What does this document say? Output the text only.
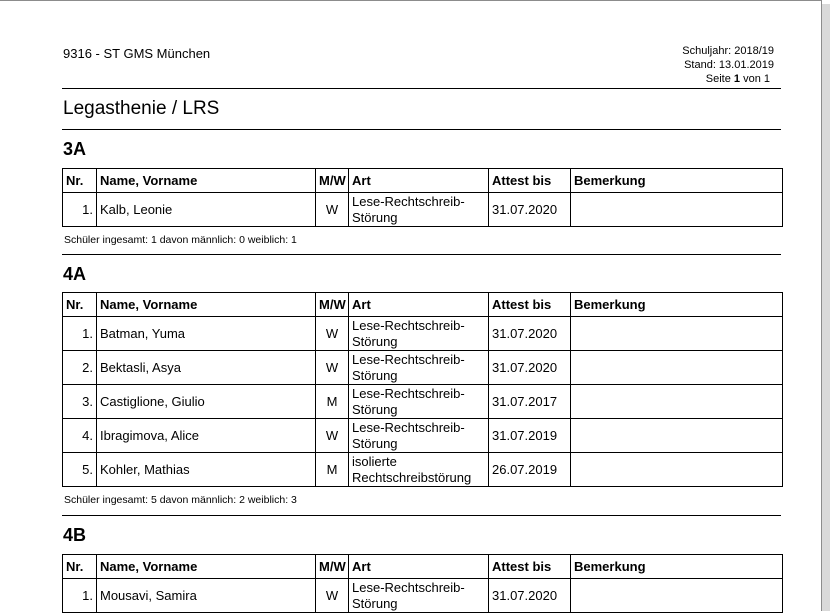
9316 - ST GMS München	Schuljahr: 2018/19
Stand: 13.01.2019
Seite 1 von 1
Legasthenie / LRS
3A
Nr.	Name, Vorname	M/W	Art	Attest bis	Bemerkung
1.	Kalb, Leonie	W	Lese-Rechtschreib-
Störung	31.07.2020	
Schüler ingesamt: 1 davon männlich: 0 weiblich: 1
4A
Nr.	Name, Vorname	M/W	Art	Attest bis	Bemerkung
1.	Batman, Yuma	W	Lese-Rechtschreib-
Störung	31.07.2020	
2.	Bektasli, Asya	W	Lese-Rechtschreib-
Störung	31.07.2020	
3.	Castiglione, Giulio	M	Lese-Rechtschreib-
Störung	31.07.2017	
4.	Ibragimova, Alice	W	Lese-Rechtschreib-
Störung	31.07.2019	
5.	Kohler, Mathias	M	isolierte
Rechtschreibstörung	26.07.2019	
Schüler ingesamt: 5 davon männlich: 2 weiblich: 3
4B
Nr.	Name, Vorname	M/W	Art	Attest bis	Bemerkung
1.	Mousavi, Samira	W	Lese-Rechtschreib-
Störung	31.07.2020	
